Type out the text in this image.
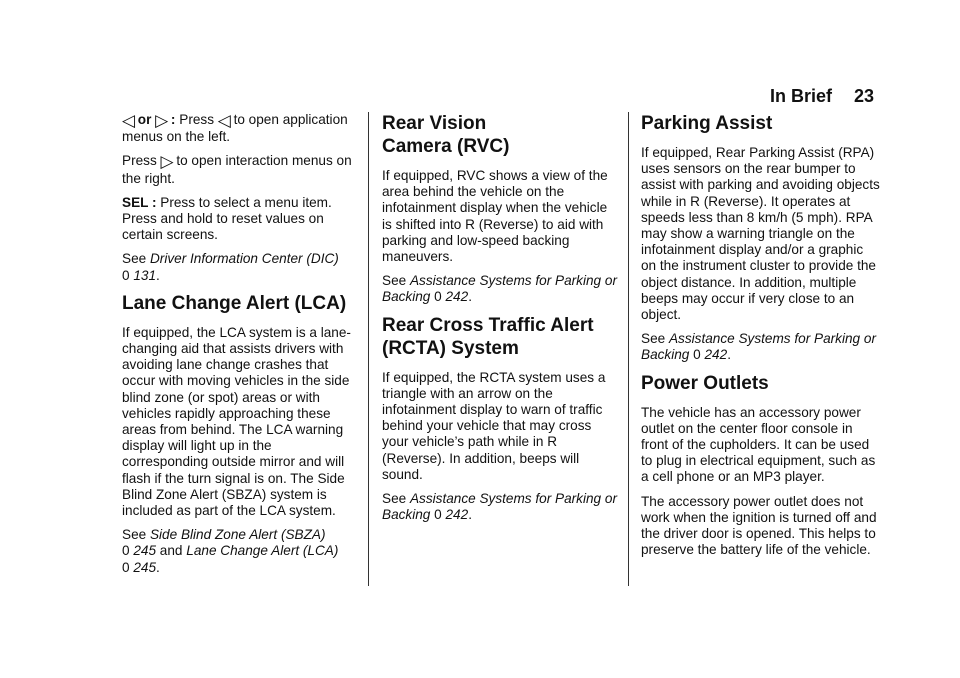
In Brief 23

◁ or ▷ : Press ◁ to open application menus on the left.

Press ▷ to open interaction menus on the right.

SEL : Press to select a menu item. Press and hold to reset values on certain screens.

See Driver Information Center (DIC)
0 131.

Lane Change Alert (LCA)

If equipped, the LCA system is a lane-changing aid that assists drivers with avoiding lane change crashes that occur with moving vehicles in the side blind zone (or spot) areas or with vehicles rapidly approaching these areas from behind. The LCA warning display will light up in the corresponding outside mirror and will flash if the turn signal is on. The Side Blind Zone Alert (SBZA) system is included as part of the LCA system.

See Side Blind Zone Alert (SBZA)
0 245 and Lane Change Alert (LCA)
0 245.

Rear Vision
Camera (RVC)

If equipped, RVC shows a view of the area behind the vehicle on the infotainment display when the vehicle is shifted into R (Reverse) to aid with parking and low-speed backing maneuvers.

See Assistance Systems for Parking or Backing 0 242.

Rear Cross Traffic Alert
(RCTA) System

If equipped, the RCTA system uses a triangle with an arrow on the infotainment display to warn of traffic behind your vehicle that may cross your vehicle’s path while in R (Reverse). In addition, beeps will sound.

See Assistance Systems for Parking or Backing 0 242.

Parking Assist

If equipped, Rear Parking Assist (RPA) uses sensors on the rear bumper to assist with parking and avoiding objects while in R (Reverse). It operates at speeds less than 8 km/h (5 mph). RPA may show a warning triangle on the infotainment display and/or a graphic on the instrument cluster to provide the object distance. In addition, multiple beeps may occur if very close to an object.

See Assistance Systems for Parking or Backing 0 242.

Power Outlets

The vehicle has an accessory power outlet on the center floor console in front of the cupholders. It can be used to plug in electrical equipment, such as a cell phone or an MP3 player.

The accessory power outlet does not work when the ignition is turned off and the driver door is opened. This helps to preserve the battery life of the vehicle.
